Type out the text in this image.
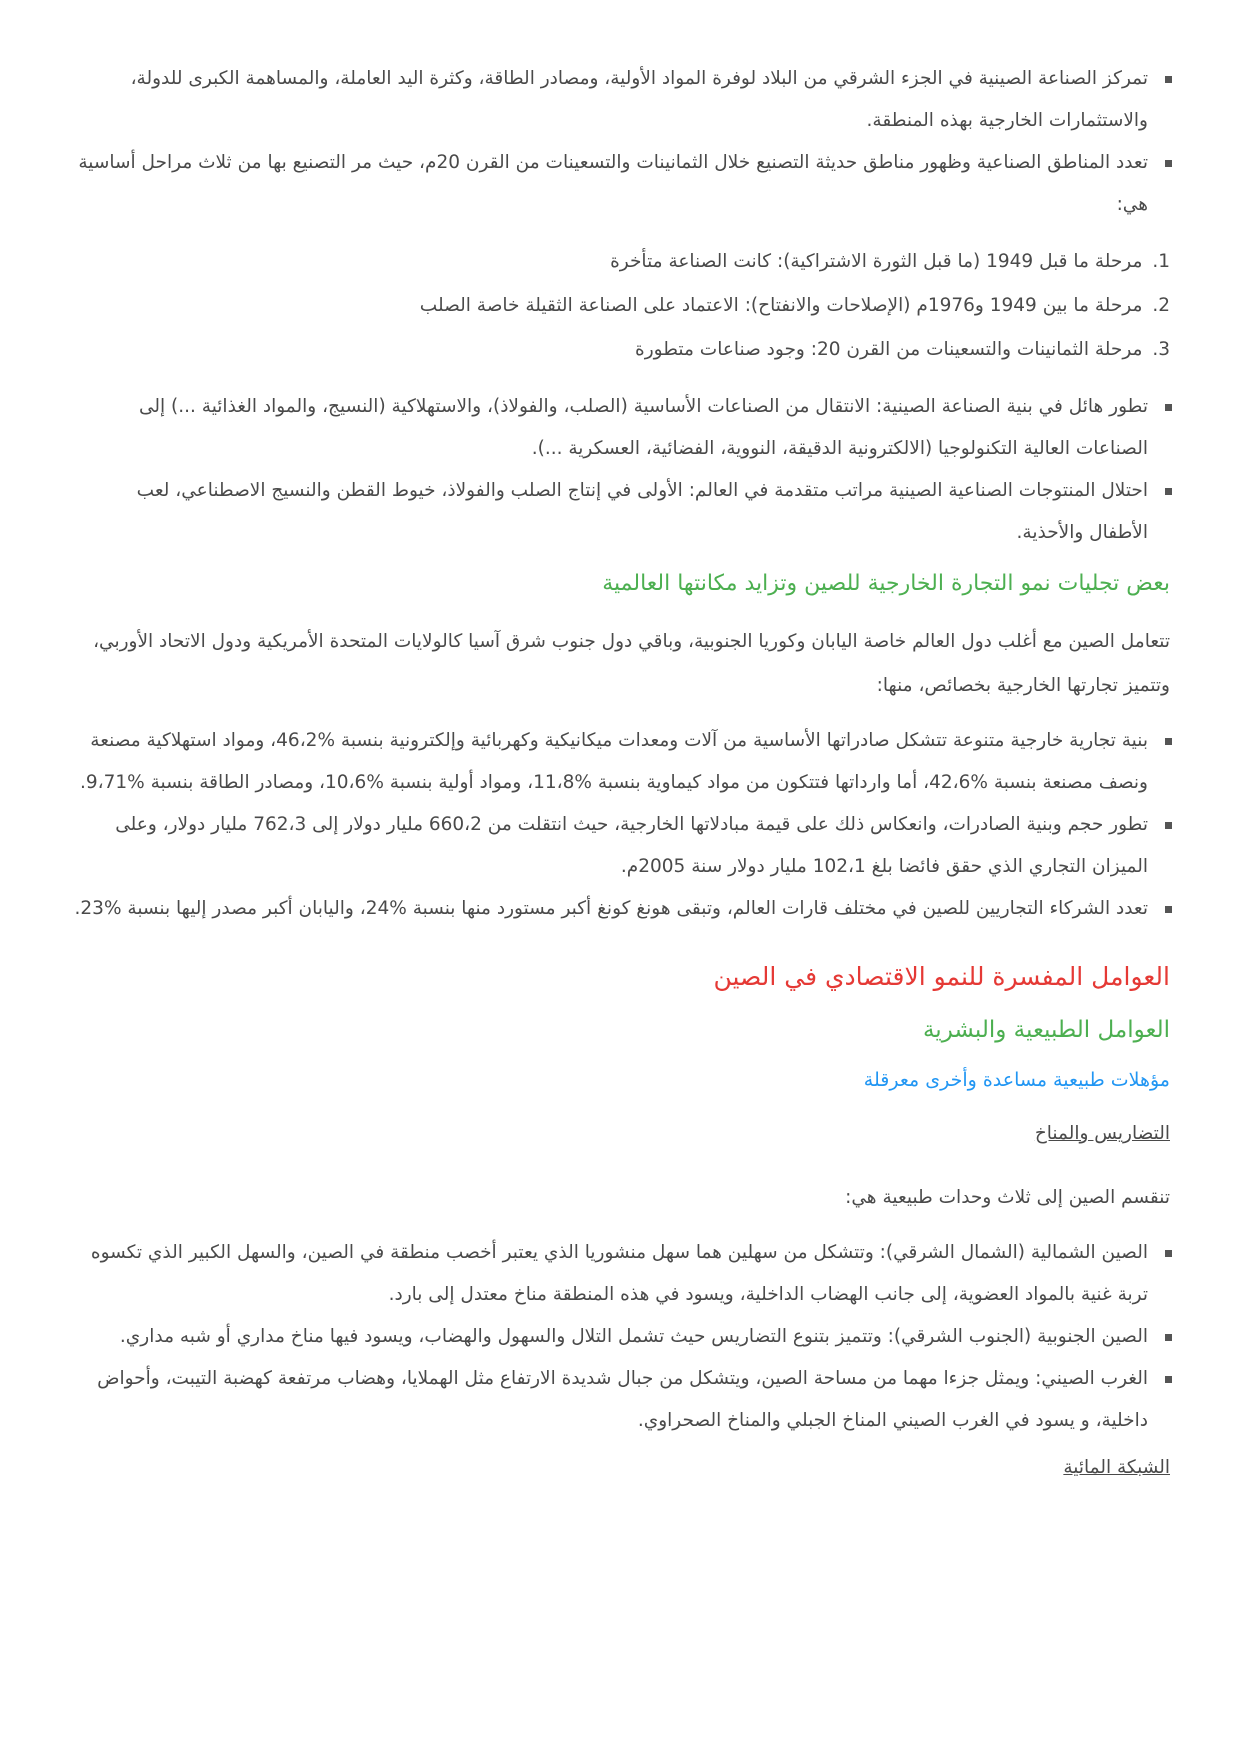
تمركز الصناعة الصينية في الجزء الشرقي من البلاد لوفرة المواد الأولية، ومصادر الطاقة، وكثرة اليد العاملة، والمساهمة الكبرى للدولة، والاستثمارات الخارجية بهذه المنطقة.
تعدد المناطق الصناعية وظهور مناطق حديثة التصنيع خلال الثمانينات والتسعينات من القرن 20م، حيث مر التصنيع بها من ثلاث مراحل أساسية هي:
1. مرحلة ما قبل 1949 (ما قبل الثورة الاشتراكية): كانت الصناعة متأخرة
2. مرحلة ما بين 1949 و1976م (الإصلاحات والانفتاح): الاعتماد على الصناعة الثقيلة خاصة الصلب
3. مرحلة الثمانينات والتسعينات من القرن 20: وجود صناعات متطورة
تطور هائل في بنية الصناعة الصينية: الانتقال من الصناعات الأساسية (الصلب، والفولاذ)، والاستهلاكية (النسيج، والمواد الغذائية ...) إلى الصناعات العالية التكنولوجيا (الالكترونية الدقيقة، النووية، الفضائية، العسكرية ...).
احتلال المنتوجات الصناعية الصينية مراتب متقدمة في العالم: الأولى في إنتاج الصلب والفولاذ، خيوط القطن والنسيج الاصطناعي، لعب الأطفال والأحذية.
بعض تجليات نمو التجارة الخارجية للصين وتزايد مكانتها العالمية

تتعامل الصين مع أغلب دول العالم خاصة اليابان وكوريا الجنوبية، وباقي دول جنوب شرق آسيا كالولايات المتحدة الأمريكية ودول الاتحاد الأوربي، وتتميز تجارتها الخارجية بخصائص، منها:

بنية تجارية خارجية متنوعة تتشكل صادراتها الأساسية من آلات ومعدات ميكانيكية وكهربائية وإلكترونية بنسبة %46،2، ومواد استهلاكية مصنعة ونصف مصنعة بنسبة %42،6، أما وارداتها فتتكون من مواد كيماوية بنسبة %11،8، ومواد أولية بنسبة %10،6، ومصادر الطاقة بنسبة %9،71.
تطور حجم وبنية الصادرات، وانعكاس ذلك على قيمة مبادلاتها الخارجية، حيث انتقلت من 660،2 مليار دولار إلى 762،3 مليار دولار، وعلى الميزان التجاري الذي حقق فائضا بلغ 102،1 مليار دولار سنة 2005م.
تعدد الشركاء التجاريين للصين في مختلف قارات العالم، وتبقى هونغ كونغ أكبر مستورد منها بنسبة %24، واليابان أكبر مصدر إليها بنسبة %23.
العوامل المفسرة للنمو الاقتصادي في الصين
العوامل الطبيعية والبشرية
مؤهلات طبيعية مساعدة وأخرى معرقلة
التضاريس والمناخ

تنقسم الصين إلى ثلاث وحدات طبيعية هي:

الصين الشمالية (الشمال الشرقي): وتتشكل من سهلين هما سهل منشوريا الذي يعتبر أخصب منطقة في الصين، والسهل الكبير الذي تكسوه تربة غنية بالمواد العضوية، إلى جانب الهضاب الداخلية، ويسود في هذه المنطقة مناخ معتدل إلى بارد.
الصين الجنوبية (الجنوب الشرقي): وتتميز بتنوع التضاريس حيث تشمل التلال والسهول والهضاب، ويسود فيها مناخ مداري أو شبه مداري.
الغرب الصيني: ويمثل جزءا مهما من مساحة الصين، ويتشكل من جبال شديدة الارتفاع مثل الهملايا، وهضاب مرتفعة كهضبة التيبت، وأحواض داخلية، و يسود في الغرب الصيني المناخ الجبلي والمناخ الصحراوي.
الشبكة المائية
